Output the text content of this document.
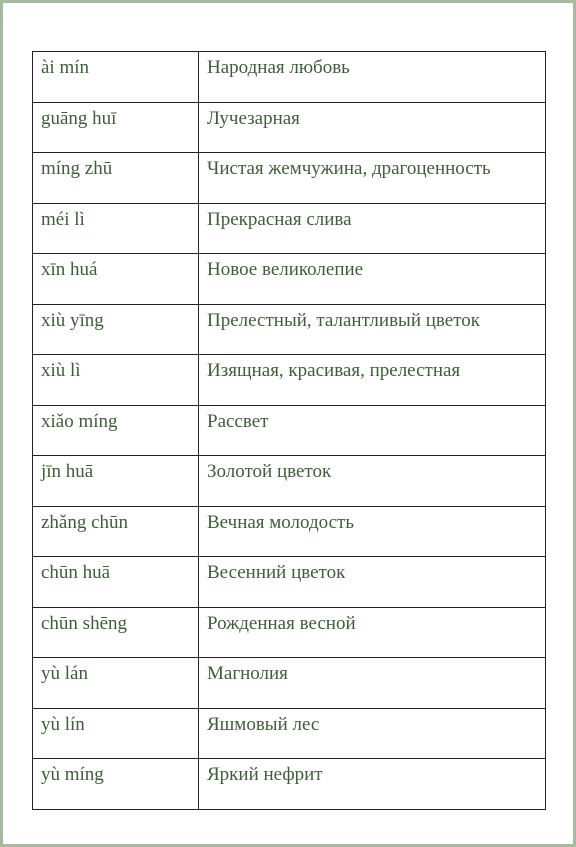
ài mín	Народная любовь
guāng huī	Лучезарная
míng zhū	Чистая жемчужина, драгоценность
méi lì	Прекрасная слива
xīn huá	Новое великолепие
xiù yīng	Прелестный, талантливый цветок
xiù lì	Изящная, красивая, прелестная
xiǎo míng	Рассвет
jīn huā	Золотой цветок
zhǎng chūn	Вечная молодость
chūn huā	Весенний цветок
chūn shēng	Рожденная весной
yù lán	Магнолия
yù lín	Яшмовый лес
yù míng	Яркий нефрит
